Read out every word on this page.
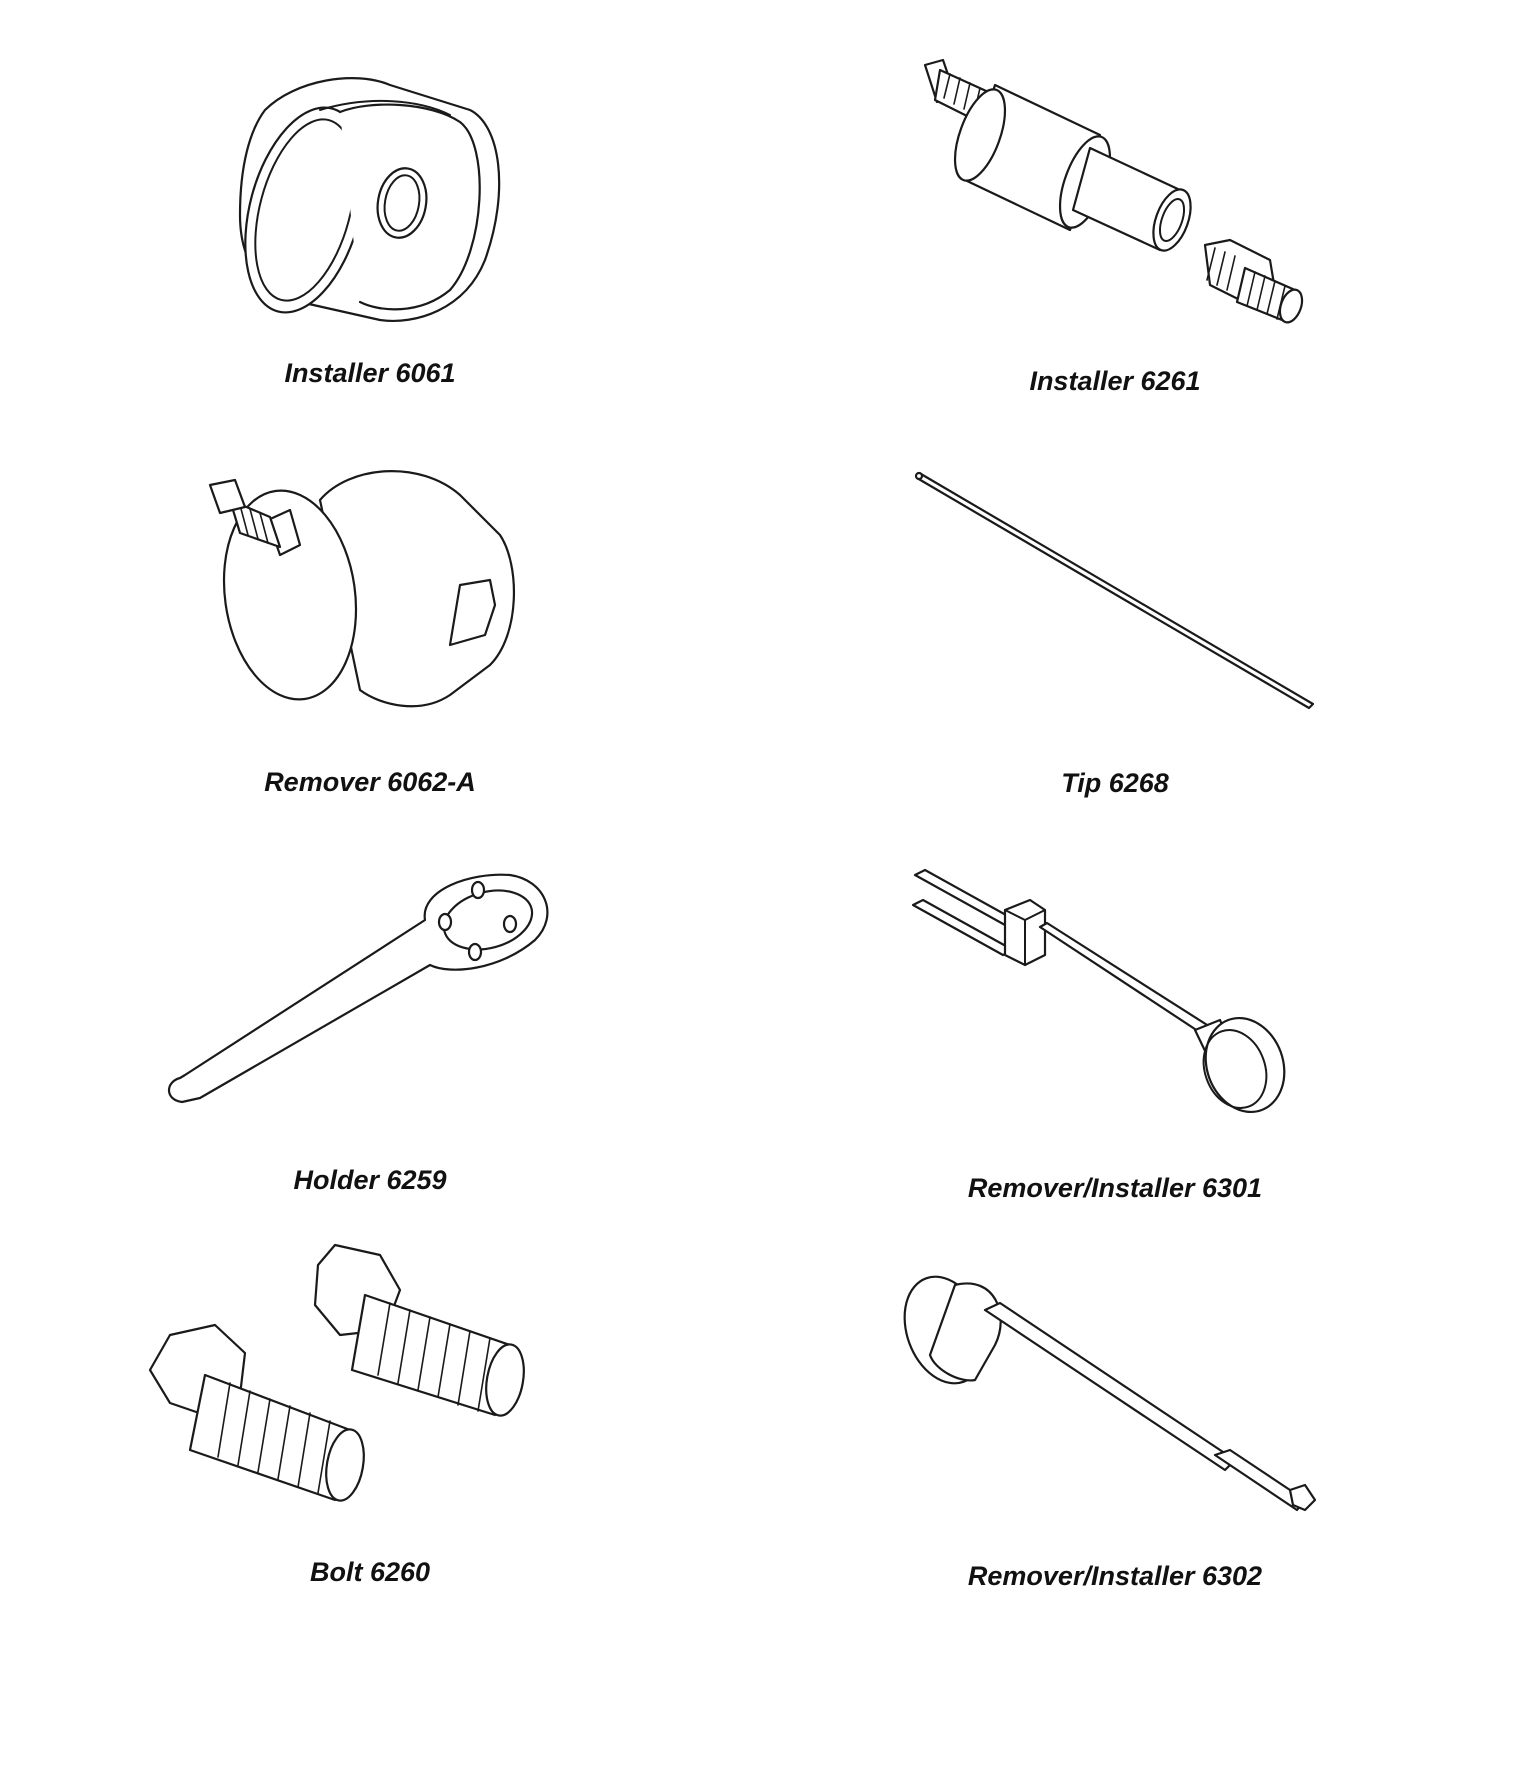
Installer 6061	Installer 6261
Remover 6062-A	Tip 6268
Holder 6259	Remover/Installer 6301
Bolt 6260	Remover/Installer 6302
